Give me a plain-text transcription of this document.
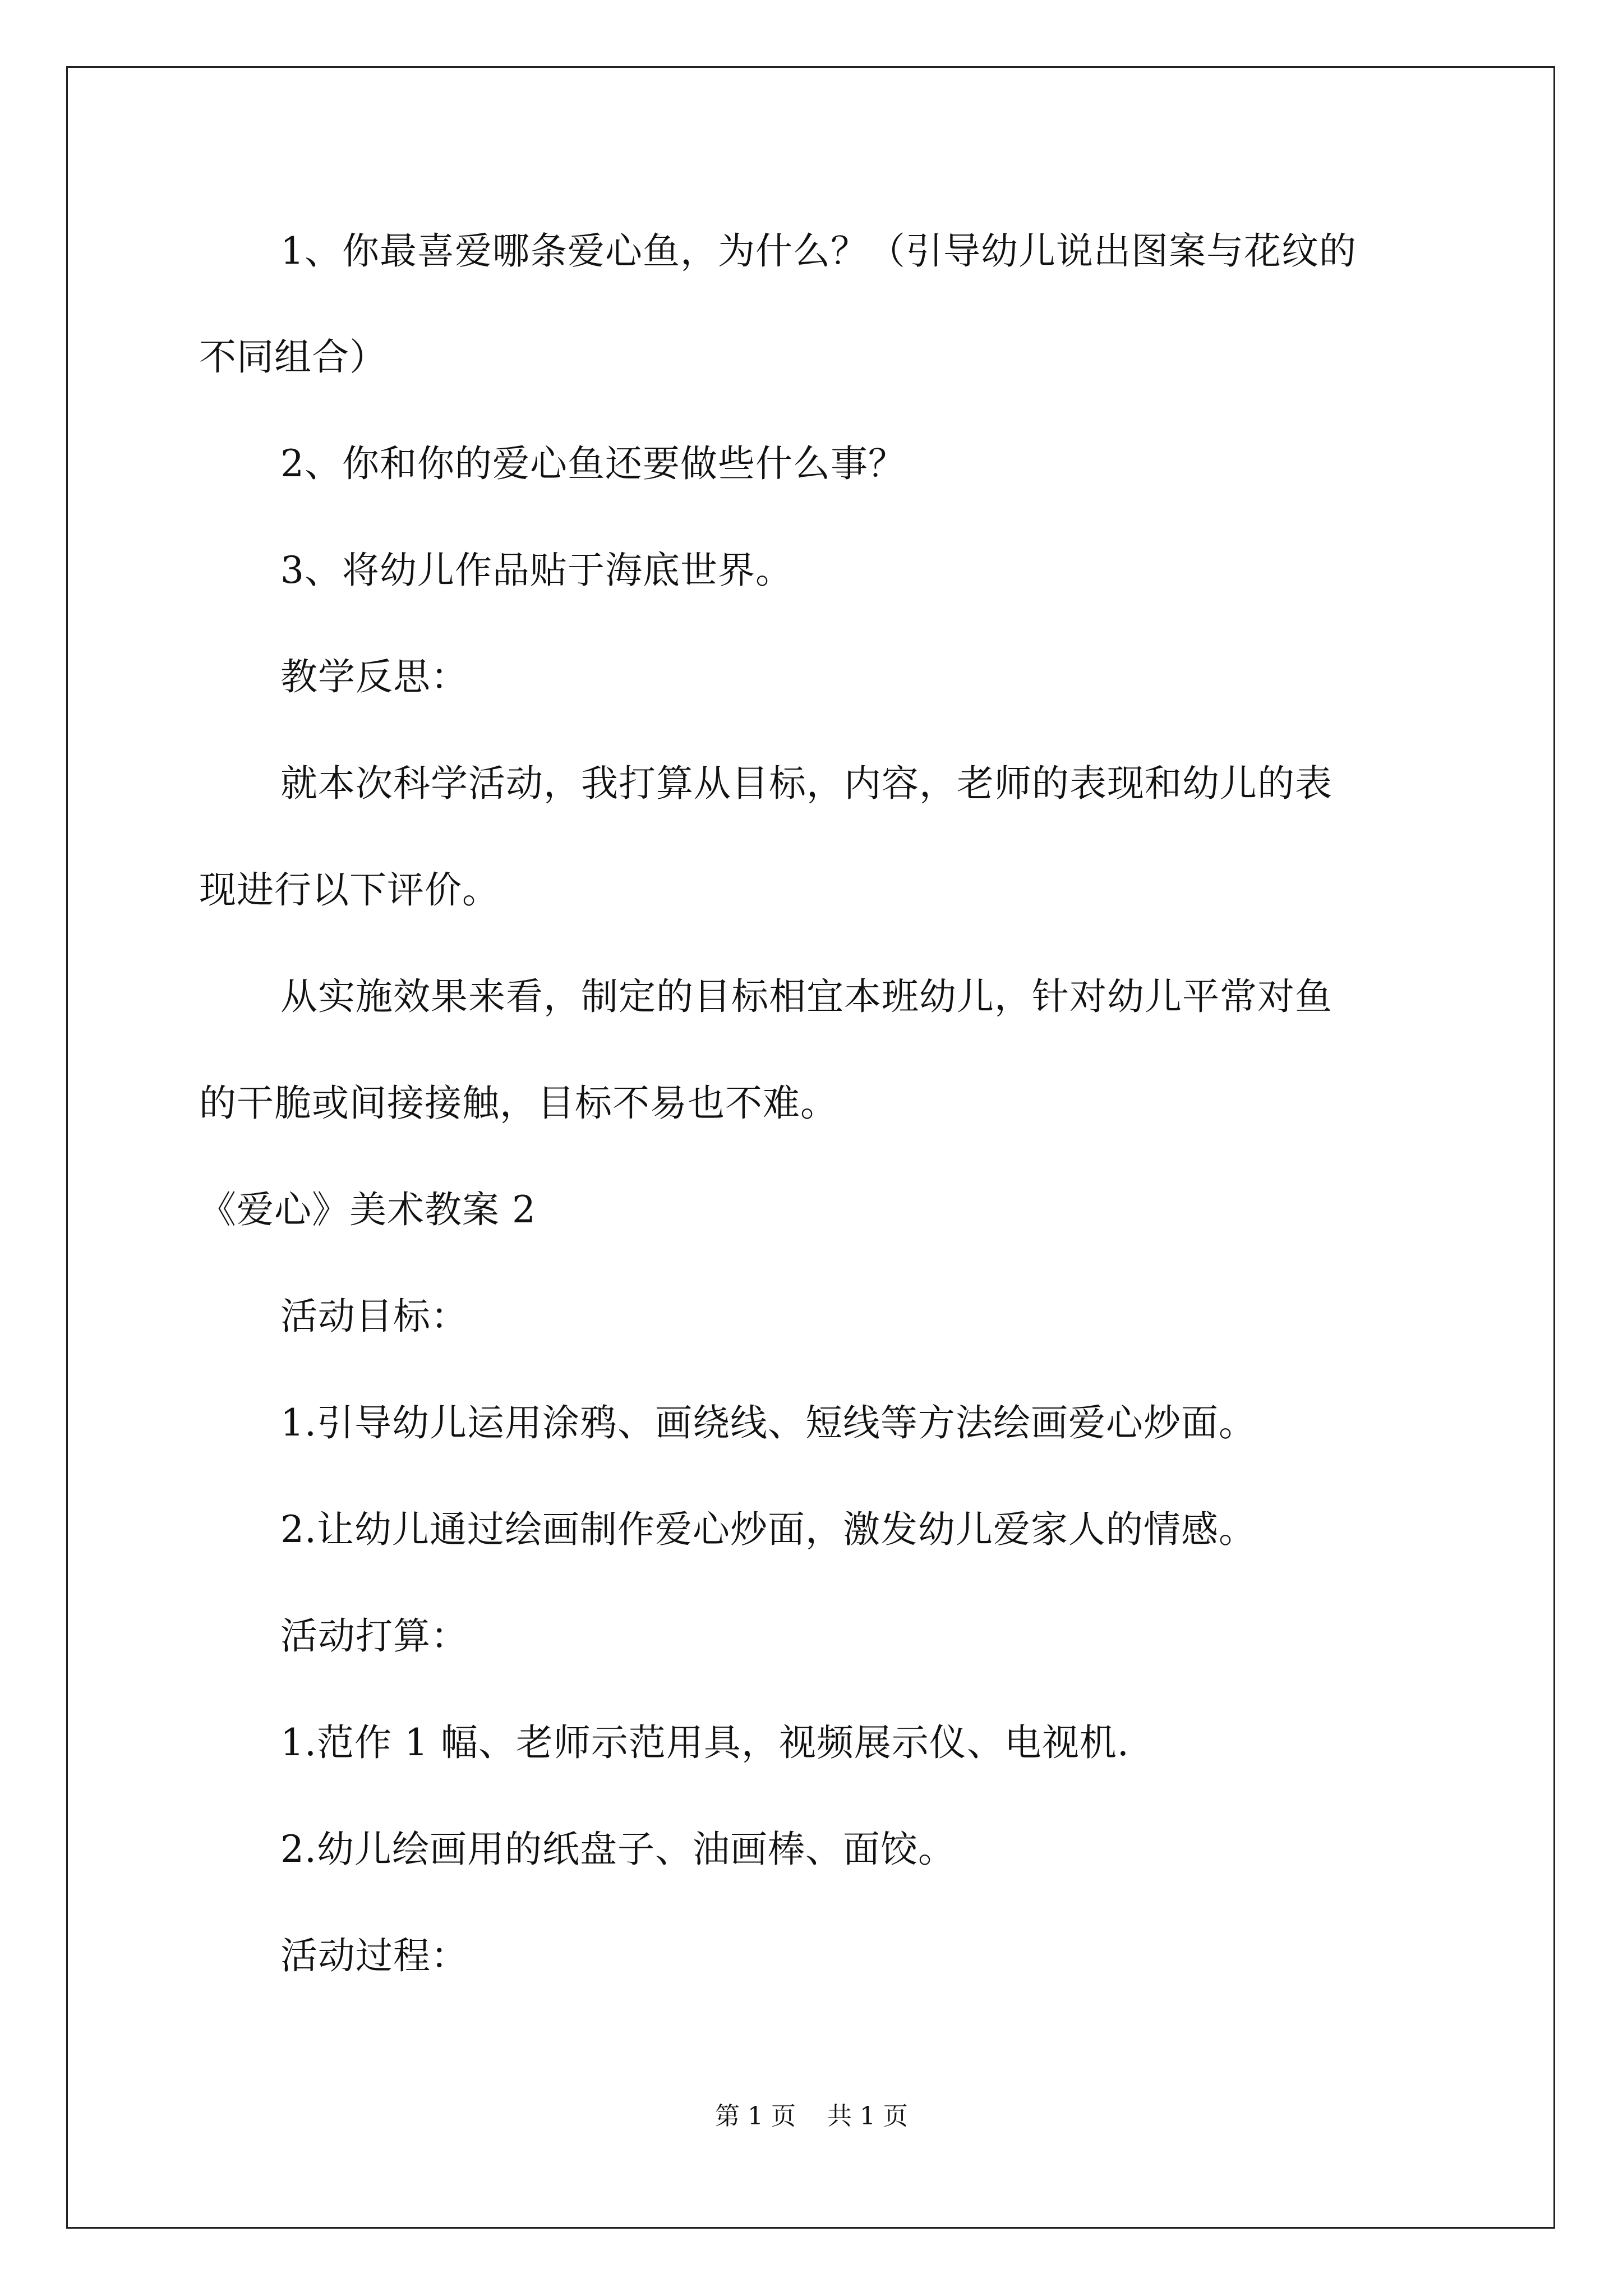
1、你最喜爱哪条爱心鱼，为什么？（引导幼儿说出图案与花纹的
不同组合）
2、你和你的爱心鱼还要做些什么事？
3、将幼儿作品贴于海底世界。
教学反思：
就本次科学活动，我打算从目标，内容，老师的表现和幼儿的表
现进行以下评价。
从实施效果来看，制定的目标相宜本班幼儿，针对幼儿平常对鱼
的干脆或间接接触，目标不易也不难。
《爱心》美术教案 2
活动目标：
1.引导幼儿运用涂鸦、画绕线、短线等方法绘画爱心炒面。
2.让幼儿通过绘画制作爱心炒面，激发幼儿爱家人的情感。
活动打算：
1.范作 1 幅、老师示范用具，视频展示仪、电视机.
2.幼儿绘画用的纸盘子、油画棒、面饺。
活动过程：
第 1 页    共 1 页
